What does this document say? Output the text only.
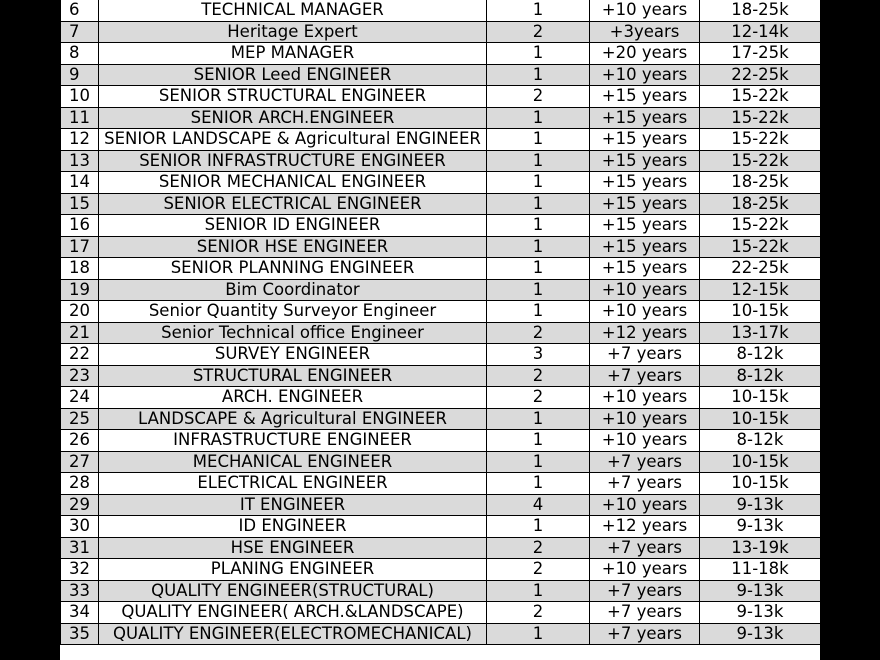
6	TECHNICAL MANAGER	1	+10 years	18-25k
7	Heritage Expert	2	+3years	12-14k
8	MEP MANAGER	1	+20 years	17-25k
9	SENIOR Leed ENGINEER	1	+10 years	22-25k
10	SENIOR STRUCTURAL ENGINEER	2	+15 years	15-22k
11	SENIOR ARCH.ENGINEER	1	+15 years	15-22k
12	SENIOR LANDSCAPE & Agricultural ENGINEER	1	+15 years	15-22k
13	SENIOR INFRASTRUCTURE ENGINEER	1	+15 years	15-22k
14	SENIOR MECHANICAL ENGINEER	1	+15 years	18-25k
15	SENIOR ELECTRICAL ENGINEER	1	+15 years	18-25k
16	SENIOR ID ENGINEER	1	+15 years	15-22k
17	SENIOR HSE ENGINEER	1	+15 years	15-22k
18	SENIOR PLANNING ENGINEER	1	+15 years	22-25k
19	Bim Coordinator	1	+10 years	12-15k
20	Senior Quantity Surveyor Engineer	1	+10 years	10-15k
21	Senior Technical office Engineer	2	+12 years	13-17k
22	SURVEY ENGINEER	3	+7 years	8-12k
23	STRUCTURAL ENGINEER	2	+7 years	8-12k
24	ARCH. ENGINEER	2	+10 years	10-15k
25	LANDSCAPE & Agricultural ENGINEER	1	+10 years	10-15k
26	INFRASTRUCTURE ENGINEER	1	+10 years	8-12k
27	MECHANICAL ENGINEER	1	+7 years	10-15k
28	ELECTRICAL ENGINEER	1	+7 years	10-15k
29	IT ENGINEER	4	+10 years	9-13k
30	ID ENGINEER	1	+12 years	9-13k
31	HSE ENGINEER	2	+7 years	13-19k
32	PLANING ENGINEER	2	+10 years	11-18k
33	QUALITY ENGINEER(STRUCTURAL)	1	+7 years	9-13k
34	QUALITY ENGINEER( ARCH.&LANDSCAPE)	2	+7 years	9-13k
35	QUALITY ENGINEER(ELECTROMECHANICAL)	1	+7 years	9-13k
